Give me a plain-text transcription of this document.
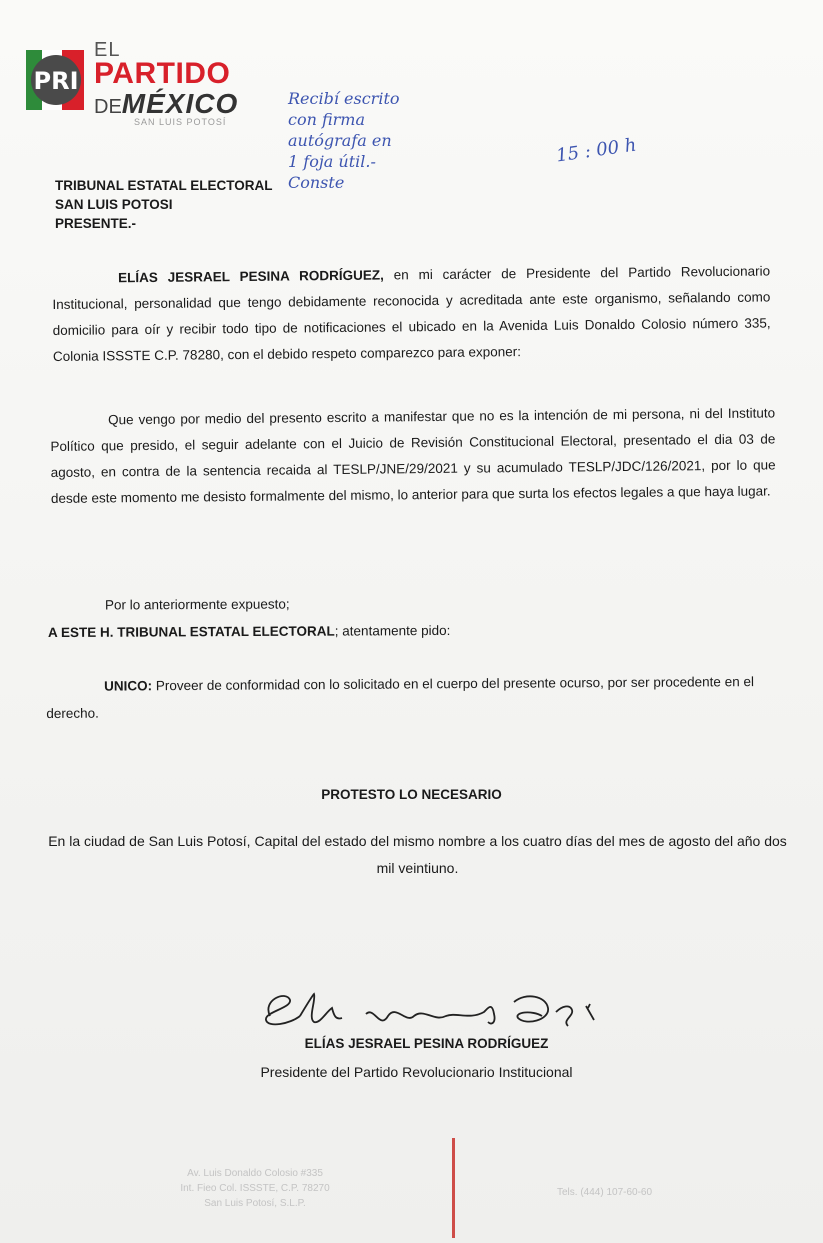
PRI
EL
PARTIDO
DEMÉXICO
SAN LUIS POTOSÍ
Recibí escrito
con firma
autógrafa en
1 foja útil.-
Conste
15 : 00 h
TRIBUNAL ESTATAL ELECTORAL
SAN LUIS POTOSI
PRESENTE.-
ELÍAS JESRAEL PESINA RODRÍGUEZ, en mi carácter de Presidente del Partido Revolucionario Institucional, personalidad que tengo debidamente reconocida y acreditada ante este organismo, señalando como domicilio para oír y recibir todo tipo de notificaciones el ubicado en la Avenida Luis Donaldo Colosio número 335, Colonia ISSSTE C.P. 78280, con el debido respeto comparezco para exponer:
Que vengo por medio del presento escrito a manifestar que no es la intención de mi persona, ni del Instituto Político que presido, el seguir adelante con el Juicio de Revisión Constitucional Electoral, presentado el dia 03 de agosto, en contra de la sentencia recaida al TESLP/JNE/29/2021 y su acumulado TESLP/JDC/126/2021, por lo que desde este momento me desisto formalmente del mismo, lo anterior para que surta los efectos legales a que haya lugar.
Por lo anteriormente expuesto;
A ESTE H. TRIBUNAL ESTATAL ELECTORAL; atentamente pido:
UNICO: Proveer de conformidad con lo solicitado en el cuerpo del presente ocurso, por ser procedente en el derecho.
PROTESTO LO NECESARIO
En la ciudad de San Luis Potosí, Capital del estado del mismo nombre a los cuatro días del mes de agosto del año dos mil veintiuno.
ELÍAS JESRAEL PESINA RODRÍGUEZ
Presidente del Partido Revolucionario Institucional
Av. Luis Donaldo Colosio #335
Int. Fieo Col. ISSSTE, C.P. 78270
San Luis Potosí, S.L.P.
Tels. (444) 107-60-60
